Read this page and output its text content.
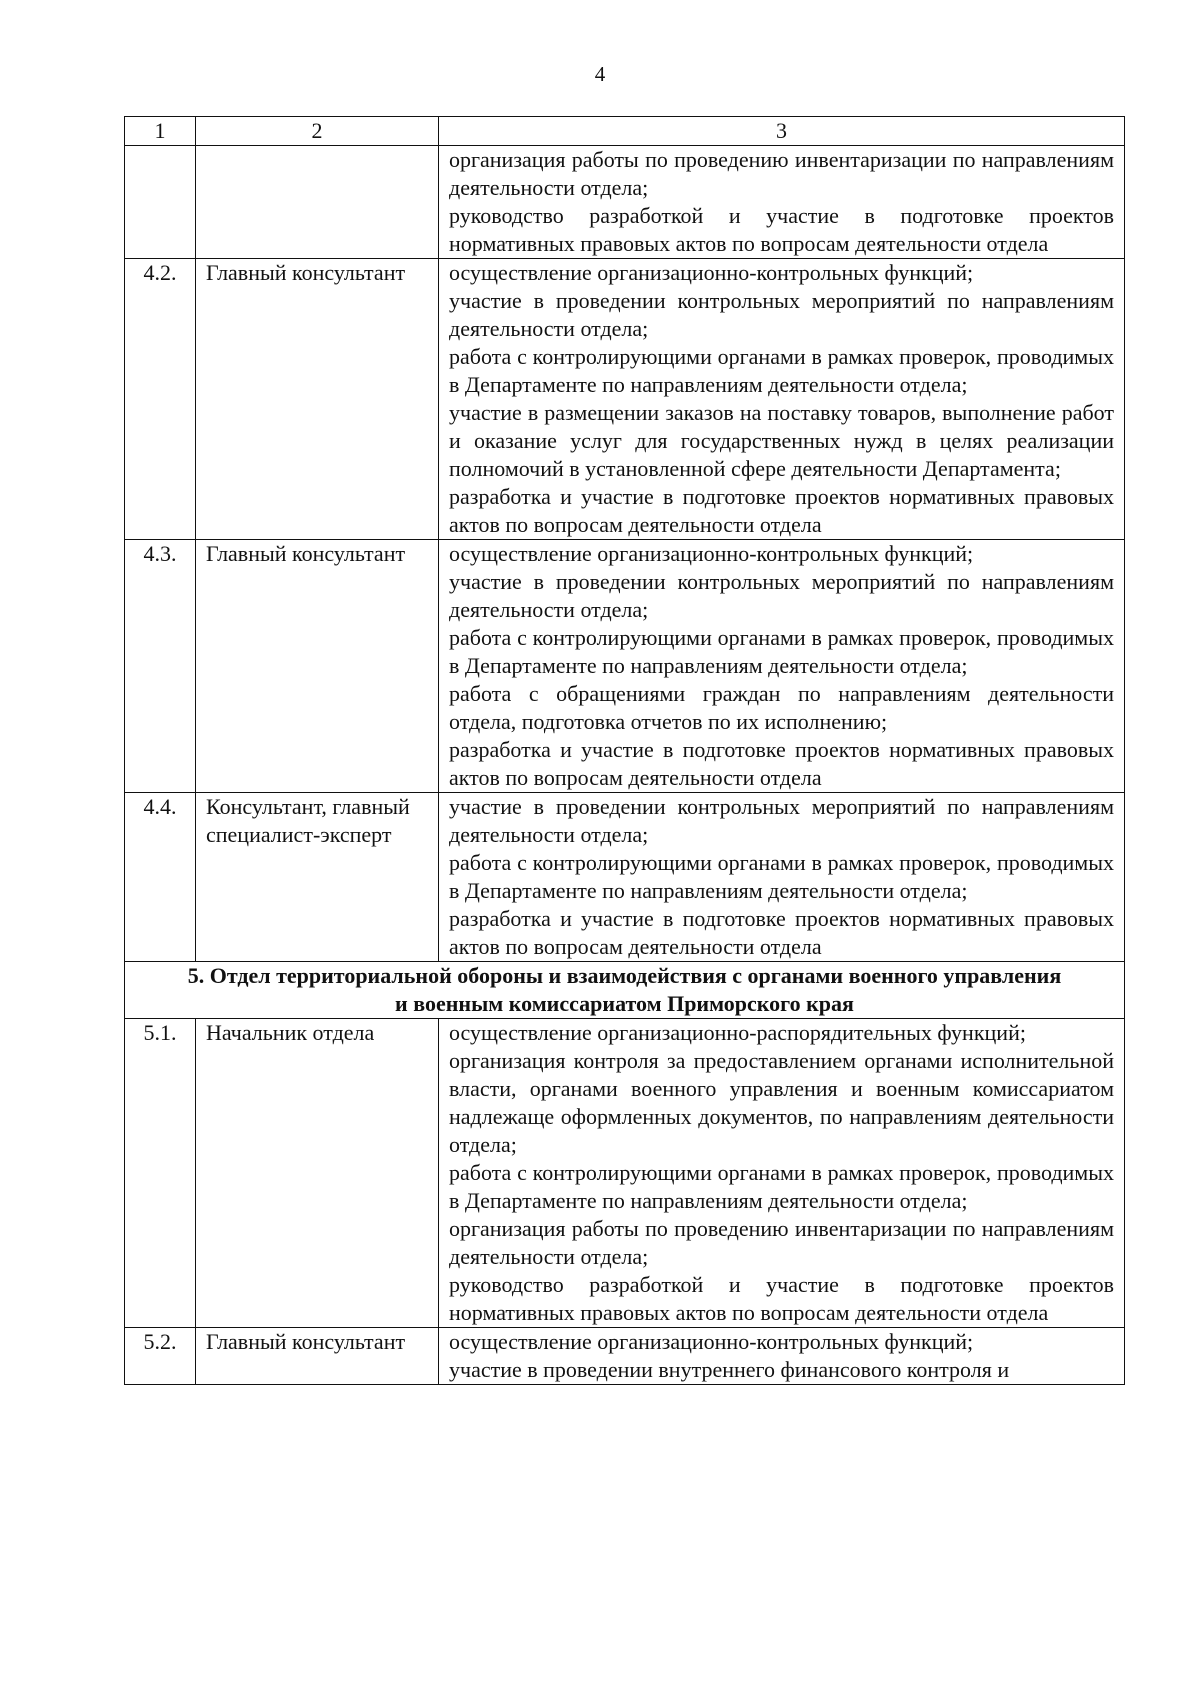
4
1	2	3

		организация работы по проведению инвентаризации по направлениям деятельности отдела;

руководство разработкой и участие в подготовке проектов нормативных правовых актов по вопросам деятельности отдела

4.2.	Главный консультант	осуществление организационно-контрольных функций;

участие в проведении контрольных мероприятий по направлениям деятельности отдела;

работа с контролирующими органами в рамках проверок, проводимых в Департаменте по направлениям деятельности отдела;

участие в размещении заказов на поставку товаров, выполнение работ и оказание услуг для государственных нужд в целях реализации полномочий в установленной сфере деятельности Департамента;

разработка и участие в подготовке проектов нормативных правовых актов по вопросам деятельности отдела

4.3.	Главный консультант	осуществление организационно-контрольных функций;

участие в проведении контрольных мероприятий по направлениям деятельности отдела;

работа с контролирующими органами в рамках проверок, проводимых в Департаменте по направлениям деятельности отдела;

работа с обращениями граждан по направлениям деятельности отдела, подготовка отчетов по их исполнению;

разработка и участие в подготовке проектов нормативных правовых актов по вопросам деятельности отдела

4.4.	Консультант, главный специалист-эксперт	участие в проведении контрольных мероприятий по направлениям деятельности отдела;

работа с контролирующими органами в рамках проверок, проводимых в Департаменте по направлениям деятельности отдела;

разработка и участие в подготовке проектов нормативных правовых актов по вопросам деятельности отдела

5. Отдел территориальной обороны и взаимодействия с органами военного управления

и военным комиссариатом Приморского края		

5.1.	Начальник отдела	осуществление организационно-распорядительных функций;

организация контроля за предоставлением органами исполнительной власти, органами военного управления и военным комиссариатом надлежаще оформленных документов, по направлениям деятельности отдела;

работа с контролирующими органами в рамках проверок, проводимых в Департаменте по направлениям деятельности отдела;

организация работы по проведению инвентаризации по направлениям деятельности отдела;

руководство разработкой и участие в подготовке проектов нормативных правовых актов по вопросам деятельности отдела

5.2.	Главный консультант	осуществление организационно-контрольных функций;

участие в проведении внутреннего финансового контроля и
